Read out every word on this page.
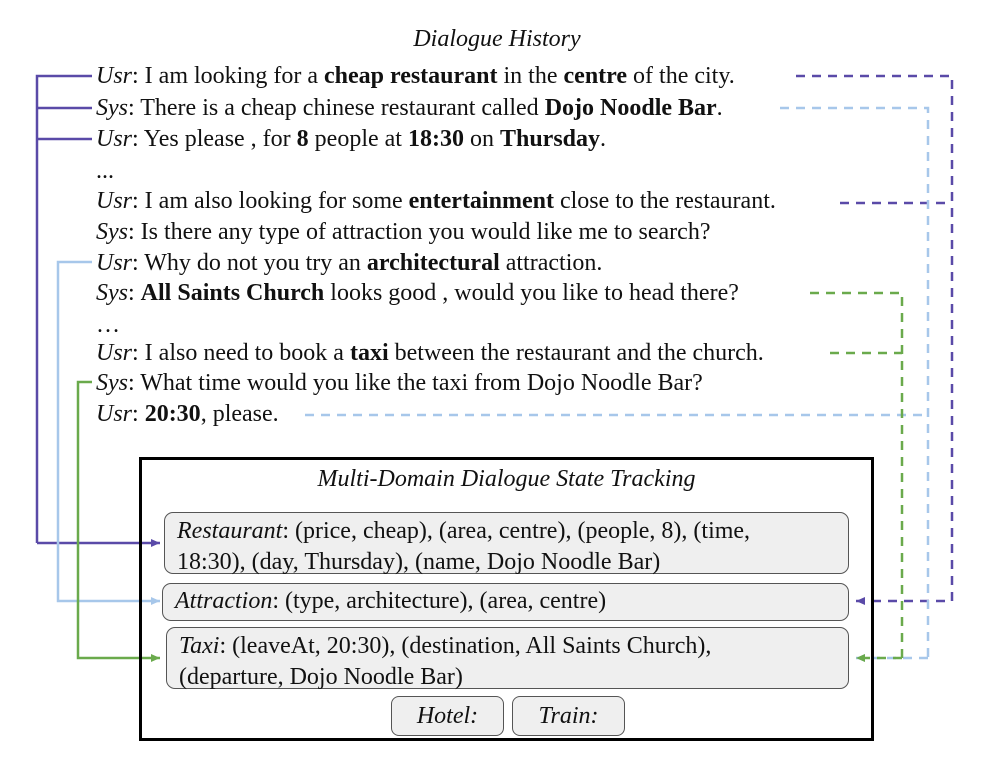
Dialogue History
Usr: I am looking for a cheap restaurant in the centre of the city.
Sys: There is a cheap chinese restaurant called Dojo Noodle Bar.
Usr: Yes please , for 8 people at 18:30 on Thursday.
...
Usr: I am also looking for some entertainment close to the restaurant.
Sys: Is there any type of attraction you would like me to search?
Usr: Why do not you try an architectural attraction.
Sys: All Saints Church looks good , would you like to head there?
…
Usr: I also need to book a taxi between the restaurant and the church.
Sys: What time would you like the taxi from Dojo Noodle Bar?
Usr: 20:30, please.
Multi-Domain Dialogue State Tracking
Restaurant: (price, cheap), (area, centre), (people, 8), (time,
18:30), (day, Thursday), (name, Dojo Noodle Bar)
Attraction: (type, architecture), (area, centre)
Taxi: (leaveAt, 20:30), (destination, All Saints Church),
(departure, Dojo Noodle Bar)
Hotel:	Train:
